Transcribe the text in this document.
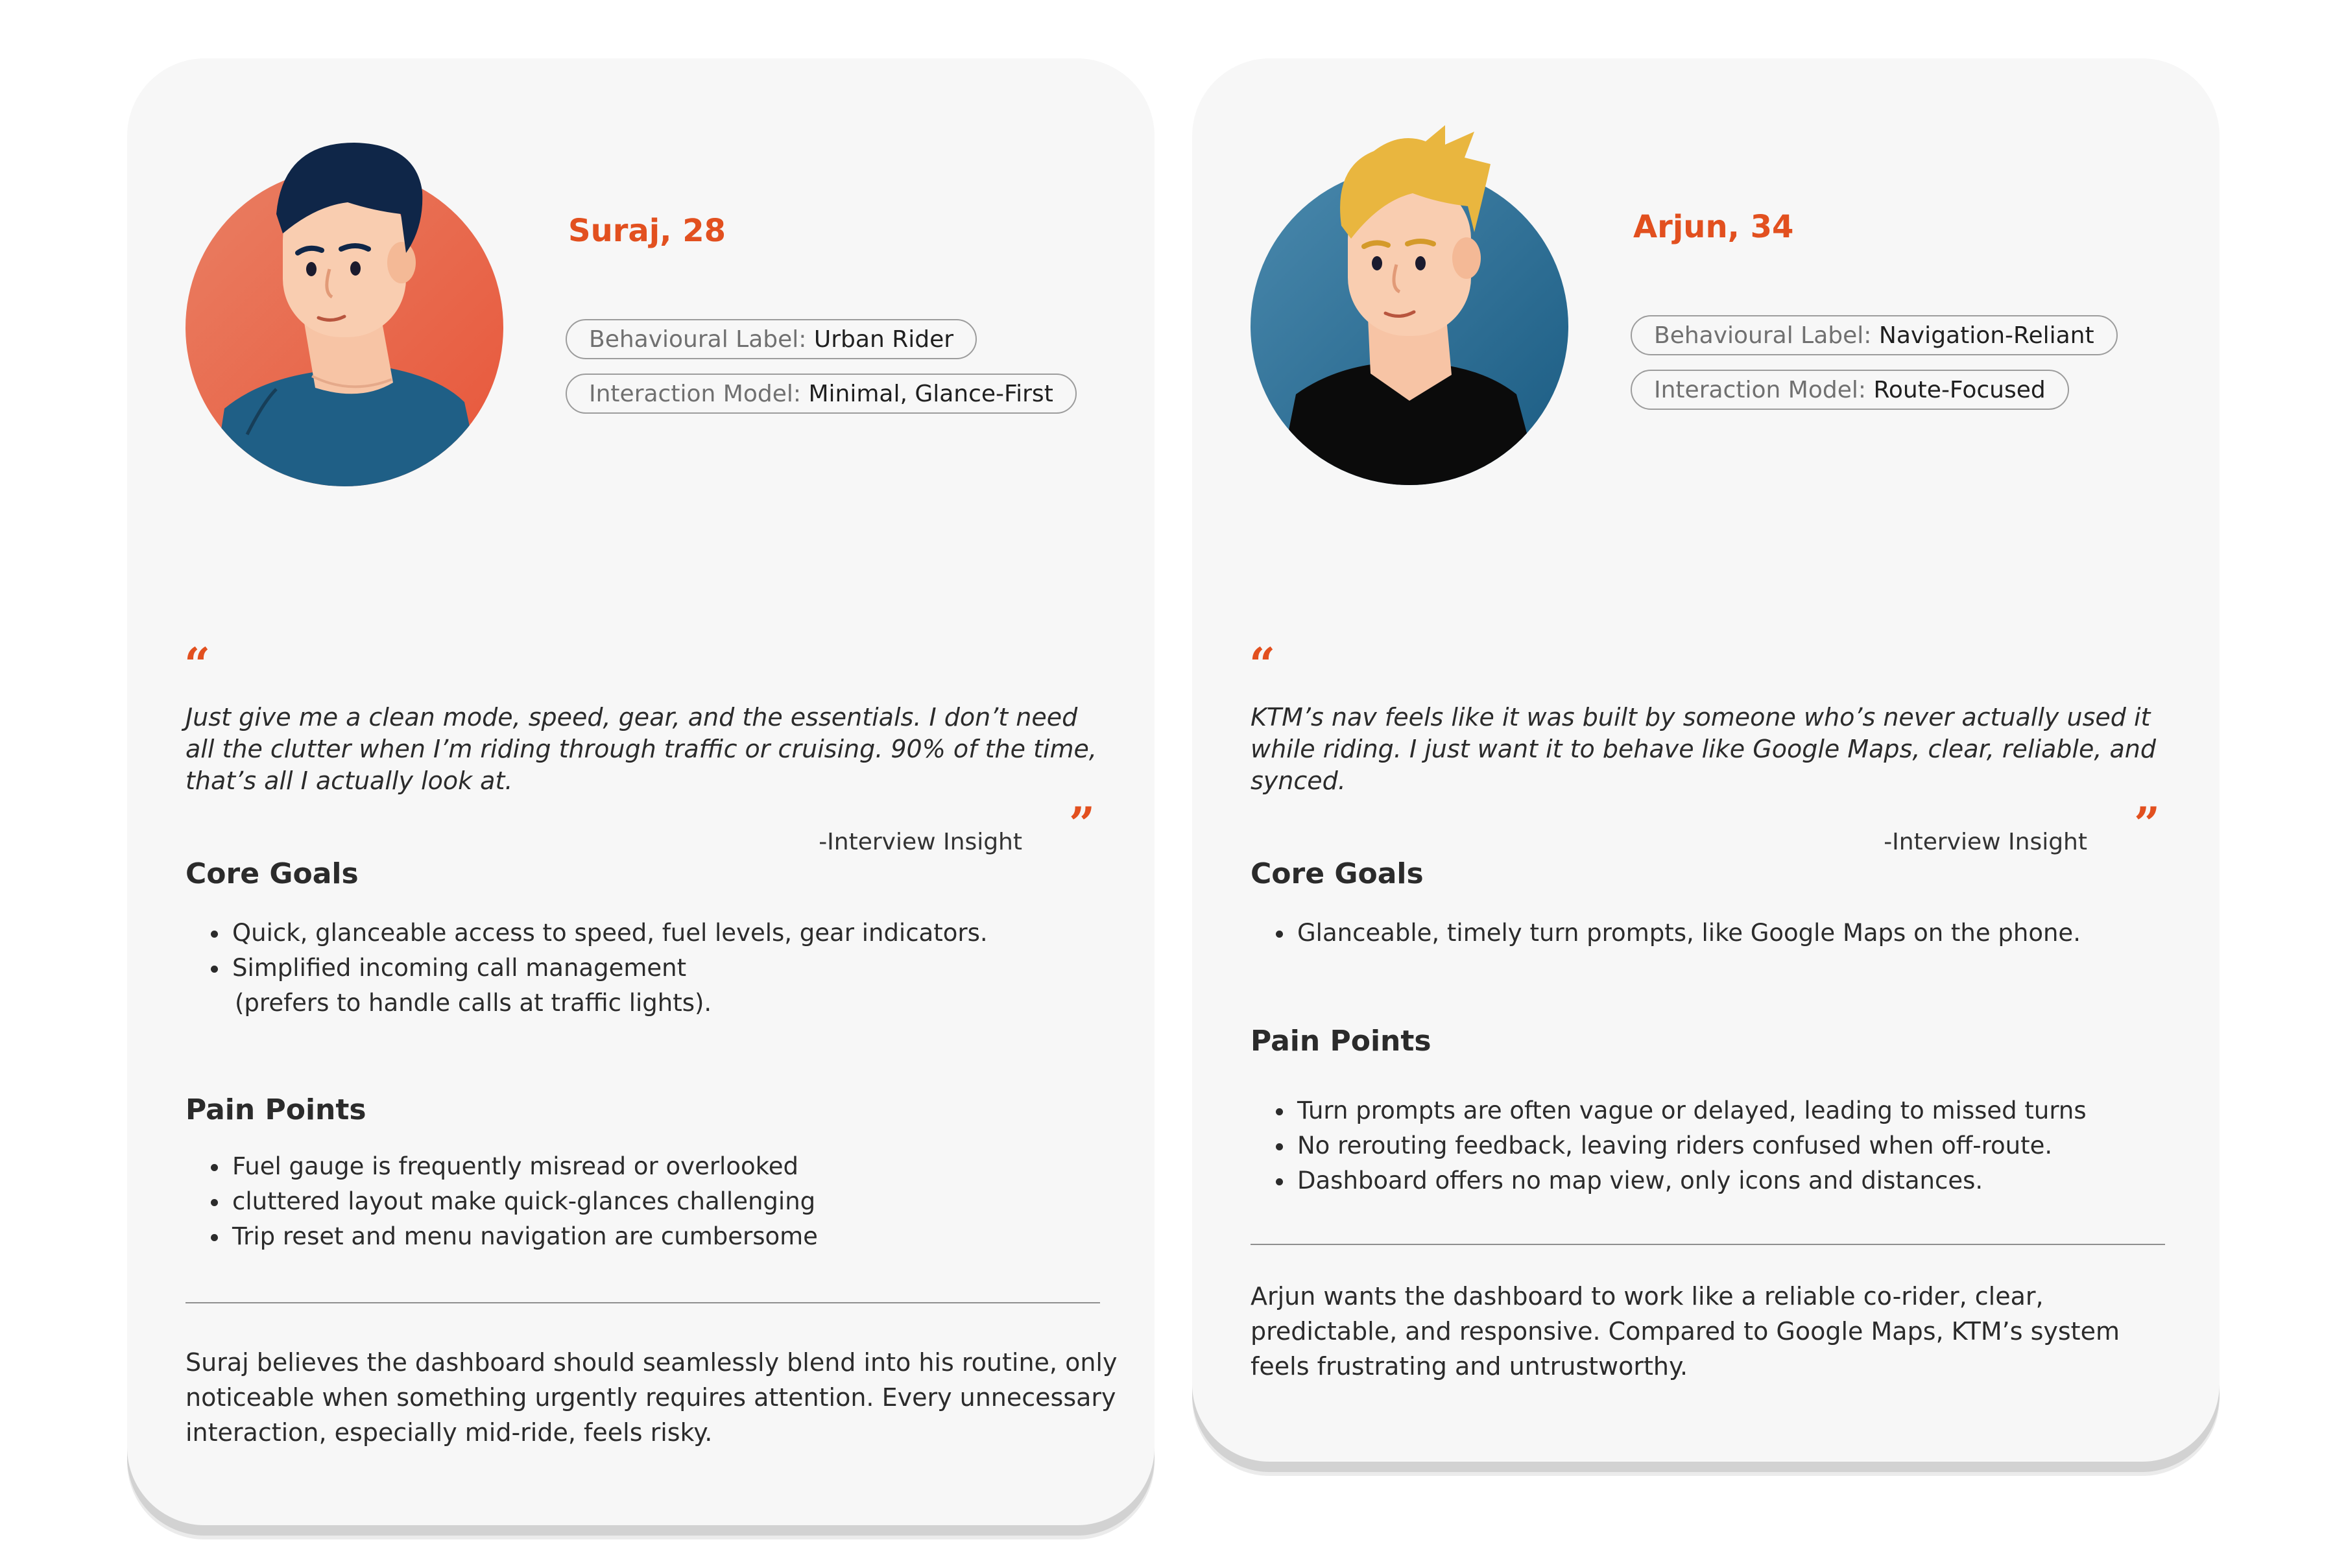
Suraj, 28
Behavioural Label:
Urban Rider
Interaction Model:
Minimal, Glance-First
“

Just give me a clean mode, speed, gear, and the essentials. I don’t need all the clutter when I’m riding through traffic or cruising. 90% of the time, that’s all I actually look at.

”
-Interview Insight
Core Goals
• Quick, glanceable access to speed, fuel levels, gear indicators.
• Simplified incoming call management
(prefers to handle calls at traffic lights).
Pain Points
• Fuel gauge is frequently misread or overlooked
• cluttered layout make quick-glances challenging
• Trip reset and menu navigation are cumbersome

Suraj believes the dashboard should seamlessly blend into his routine, only noticeable when something urgently requires attention. Every unnecessary interaction, especially mid-ride, feels risky.

Arjun, 34
Behavioural Label:
Navigation-Reliant
Interaction Model:
Route-Focused
“

KTM’s nav feels like it was built by someone who’s never actually used it while riding. I just want it to behave like Google Maps, clear, reliable, and synced.

”
-Interview Insight
Core Goals
• Glanceable, timely turn prompts, like Google Maps on the phone.
Pain Points
• Turn prompts are often vague or delayed, leading to missed turns
• No rerouting feedback, leaving riders confused when off-route.
• Dashboard offers no map view, only icons and distances.

Arjun wants the dashboard to work like a reliable co-rider, clear, predictable, and responsive. Compared to Google Maps, KTM’s system feels frustrating and untrustworthy.
